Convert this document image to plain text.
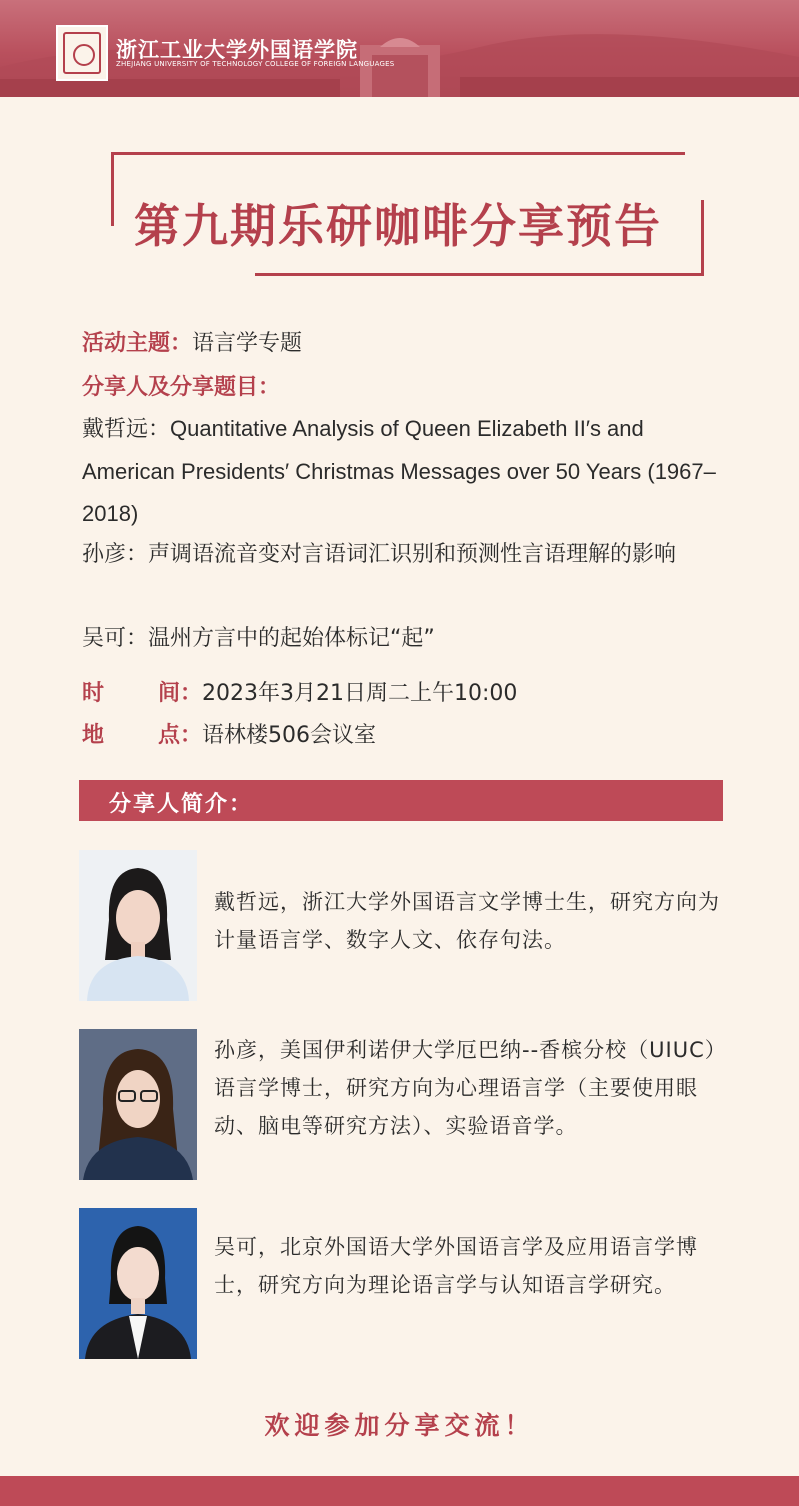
浙江工业大学外国语学院
ZHEJIANG UNIVERSITY OF TECHNOLOGY COLLEGE OF FOREIGN LANGUAGES
第九期乐研咖啡分享预告
活动主题：语言学专题
分享人及分享题目：
戴哲远：Quantitative Analysis of Queen Elizabeth II′s and American Presidents′ Christmas Messages over 50 Years (1967–2018)
孙彦：声调语流音变对言语词汇识别和预测性言语理解的影响
吴可：温州方言中的起始体标记“起”
时 间：2023年3月21日周二上午10:00
地 点：语林楼506会议室
分享人简介：
戴哲远，浙江大学外国语言文学博士生，研究方向为计量语言学、数字人文、依存句法。
孙彦，美国伊利诺伊大学厄巴纳--香槟分校（UIUC）语言学博士，研究方向为心理语言学（主要使用眼动、脑电等研究方法）、实验语音学。
吴可，北京外国语大学外国语言学及应用语言学博士，研究方向为理论语言学与认知语言学研究。
欢迎参加分享交流！
